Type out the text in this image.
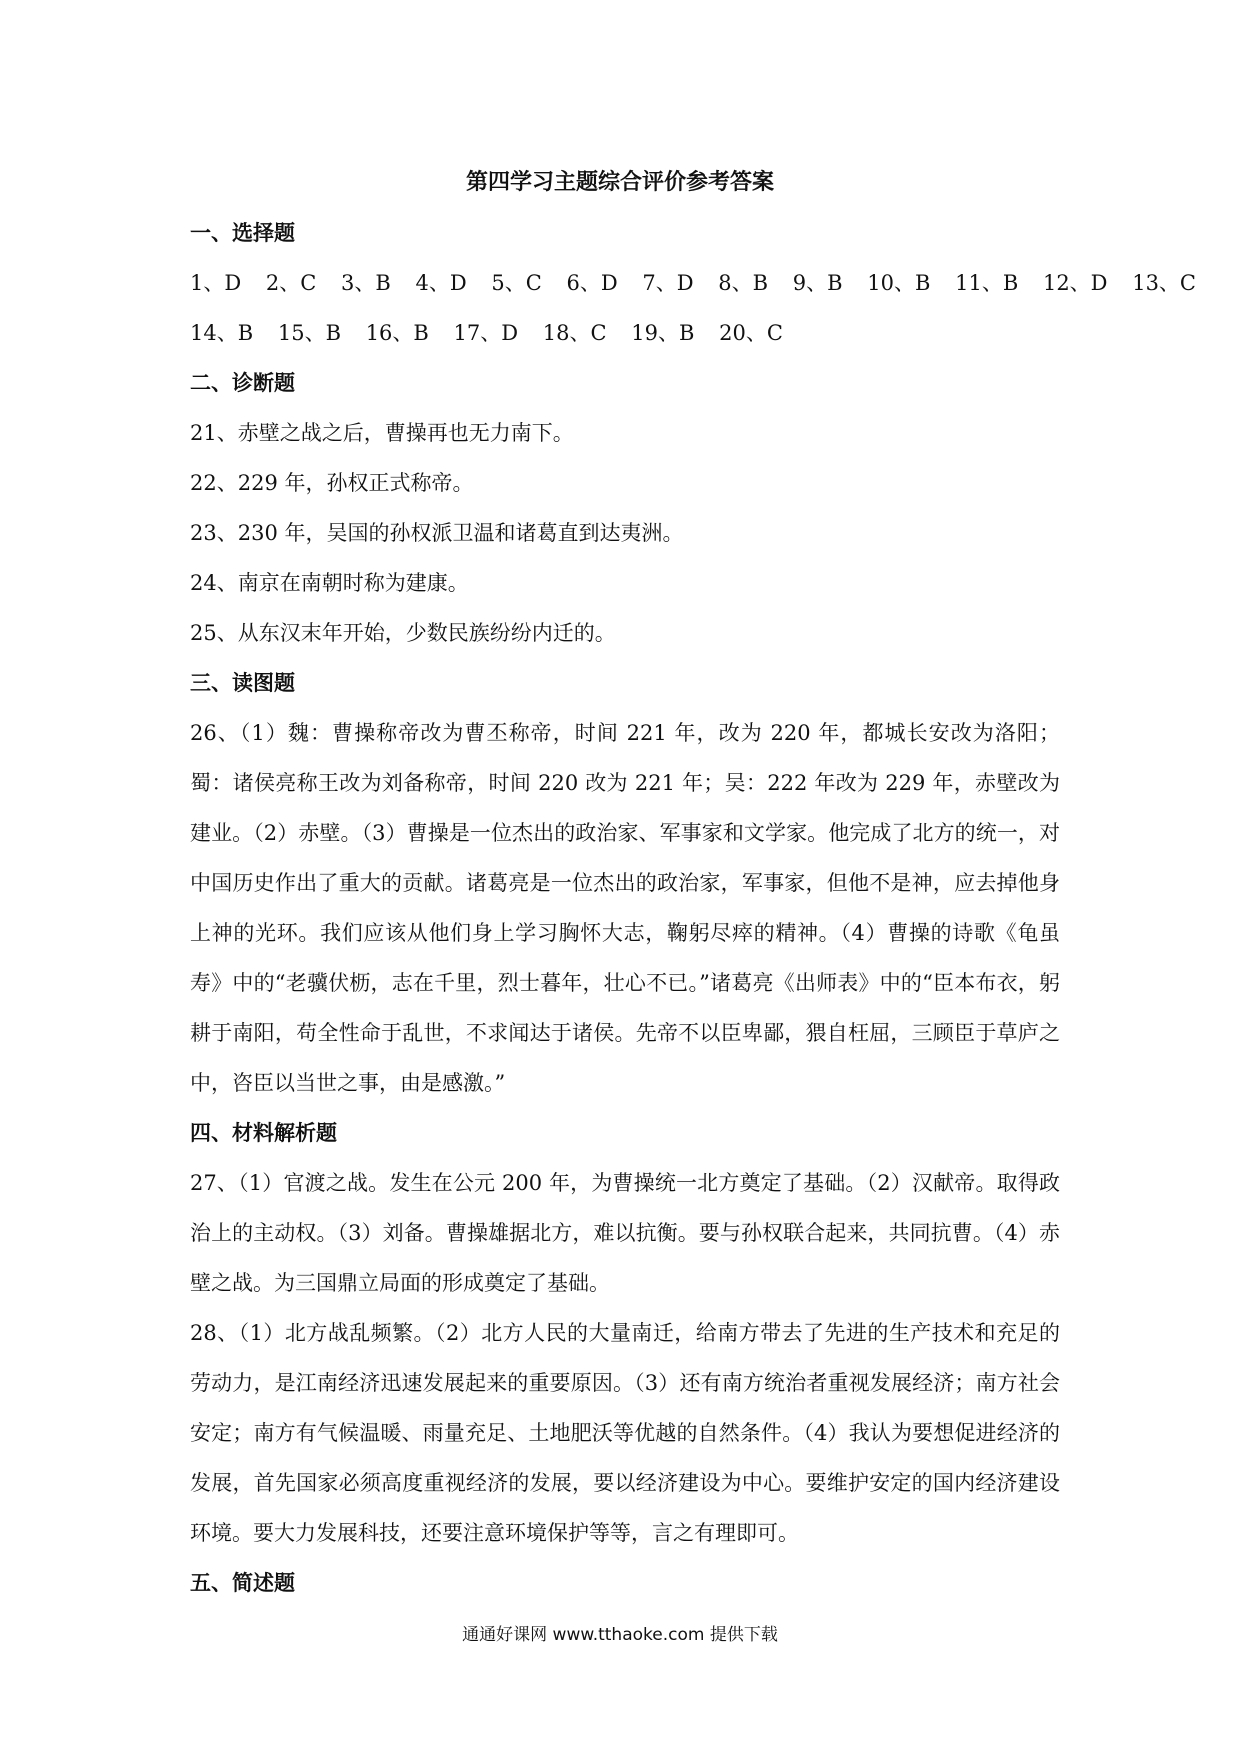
第四学习主题综合评价参考答案
一、选择题
1、D 2、C 3、B 4、D 5、C 6、D 7、D 8、B 9、B 10、B 11、B 12、D 13、C
14、B 15、B 16、B 17、D 18、C 19、B 20、C
二、诊断题

21、赤壁之战之后，曹操再也无力南下。

22、229 年，孙权正式称帝。

23、230 年，吴国的孙权派卫温和诸葛直到达夷洲。

24、南京在南朝时称为建康。

25、从东汉末年开始，少数民族纷纷内迁的。

三、读图题

26、（1）魏：曹操称帝改为曹丕称帝，时间 221 年，改为 220 年，都城长安改为洛阳；蜀：诸侯亮称王改为刘备称帝，时间 220 改为 221 年；吴：222 年改为 229 年，赤壁改为建业。（2）赤壁。（3）曹操是一位杰出的政治家、军事家和文学家。他完成了北方的统一，对中国历史作出了重大的贡献。诸葛亮是一位杰出的政治家，军事家，但他不是神，应去掉他身上神的光环。我们应该从他们身上学习胸怀大志，鞠躬尽瘁的精神。（4）曹操的诗歌《龟虽寿》中的“老骥伏枥，志在千里，烈士暮年，壮心不已。”诸葛亮《出师表》中的“臣本布衣，躬耕于南阳，苟全性命于乱世，不求闻达于诸侯。先帝不以臣卑鄙，猥自枉屈，三顾臣于草庐之中，咨臣以当世之事，由是感激。”

四、材料解析题

27、（1）官渡之战。发生在公元 200 年，为曹操统一北方奠定了基础。（2）汉献帝。取得政治上的主动权。（3）刘备。曹操雄据北方，难以抗衡。要与孙权联合起来，共同抗曹。（4）赤壁之战。为三国鼎立局面的形成奠定了基础。

28、（1）北方战乱频繁。（2）北方人民的大量南迁，给南方带去了先进的生产技术和充足的劳动力，是江南经济迅速发展起来的重要原因。（3）还有南方统治者重视发展经济；南方社会安定；南方有气候温暖、雨量充足、土地肥沃等优越的自然条件。（4）我认为要想促进经济的发展，首先国家必须高度重视经济的发展，要以经济建设为中心。要维护安定的国内经济建设环境。要大力发展科技，还要注意环境保护等等，言之有理即可。

五、简述题
通通好课网 www.tthaoke.com 提供下载
